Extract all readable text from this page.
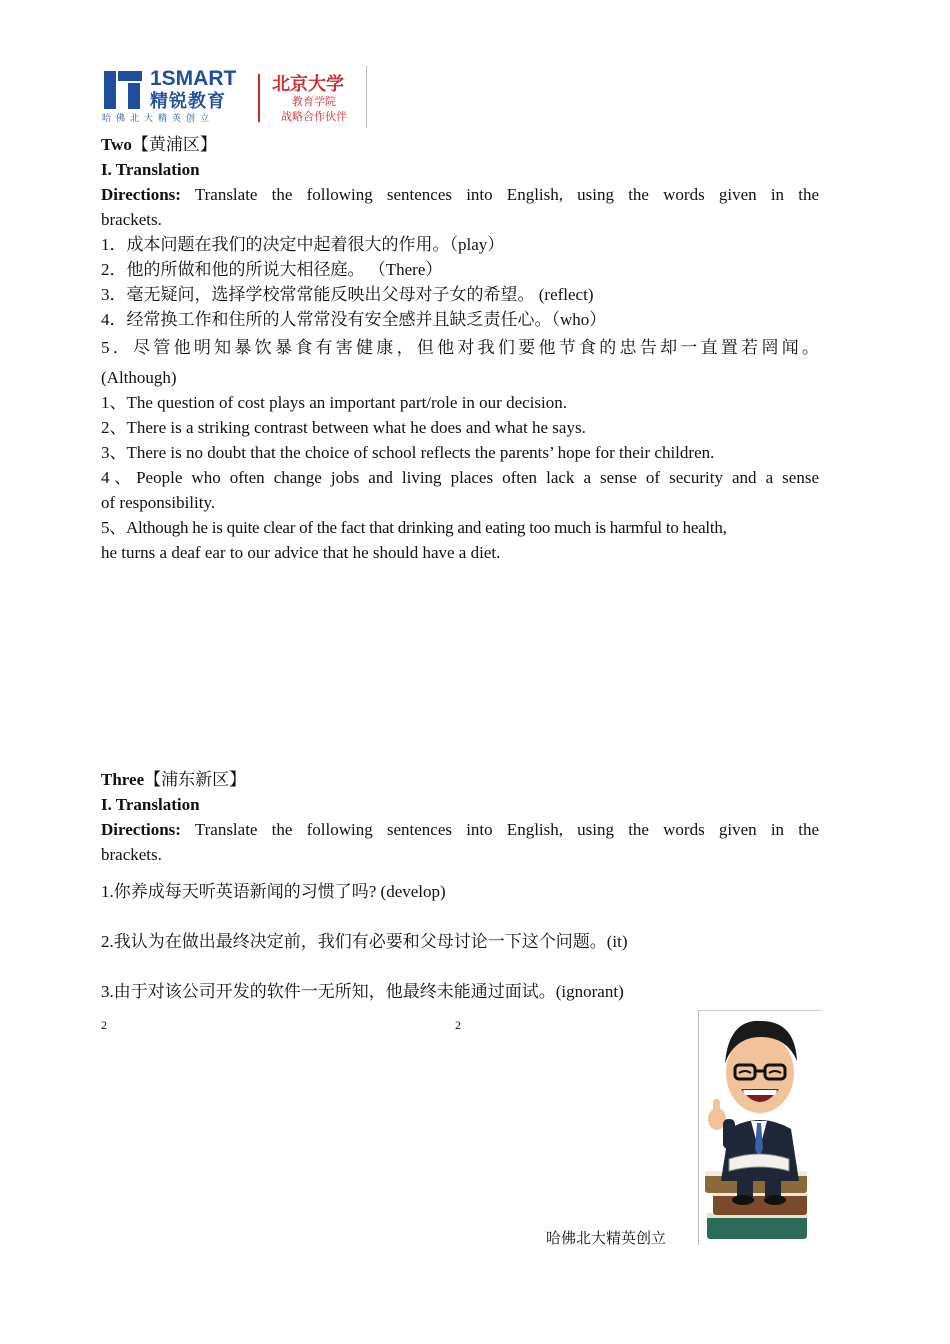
1SMART
精锐教育
哈佛北大精英创立
北京大学
教育学院
战略合作伙伴
Two【黄浦区】
I. Translation
Directions: Translate the following sentences into English, using the words given in the
brackets.
1．成本问题在我们的决定中起着很大的作用。（play）
2．他的所做和他的所说大相径庭。 （There）
3．毫无疑问，选择学校常常能反映出父母对子女的希望。 (reflect)
4．经常换工作和住所的人常常没有安全感并且缺乏责任心。（who）
5．尽管他明知暴饮暴食有害健康，但他对我们要他节食的忠告却一直置若罔闻。
(Although)
1、The question of cost plays an important part/role in our decision.
2、There is a striking contrast between what he does and what he says.
3、There is no doubt that the choice of school reflects the parents’ hope for their children.
4、People who often change jobs and living places often lack a sense of security and a sense
of responsibility.
5、Although he is quite clear of the fact that drinking and eating too much is harmful to health,
he turns a deaf ear to our advice that he should have a diet.
Three【浦东新区】
I. Translation
Directions: Translate the following sentences into English, using the words given in the
brackets.
1.你养成每天听英语新闻的习惯了吗? (develop)
2.我认为在做出最终决定前，我们有必要和父母讨论一下这个问题。(it)
3.由于对该公司开发的软件一无所知，他最终未能通过面试。(ignorant)
2	2
哈佛北大精英创立
